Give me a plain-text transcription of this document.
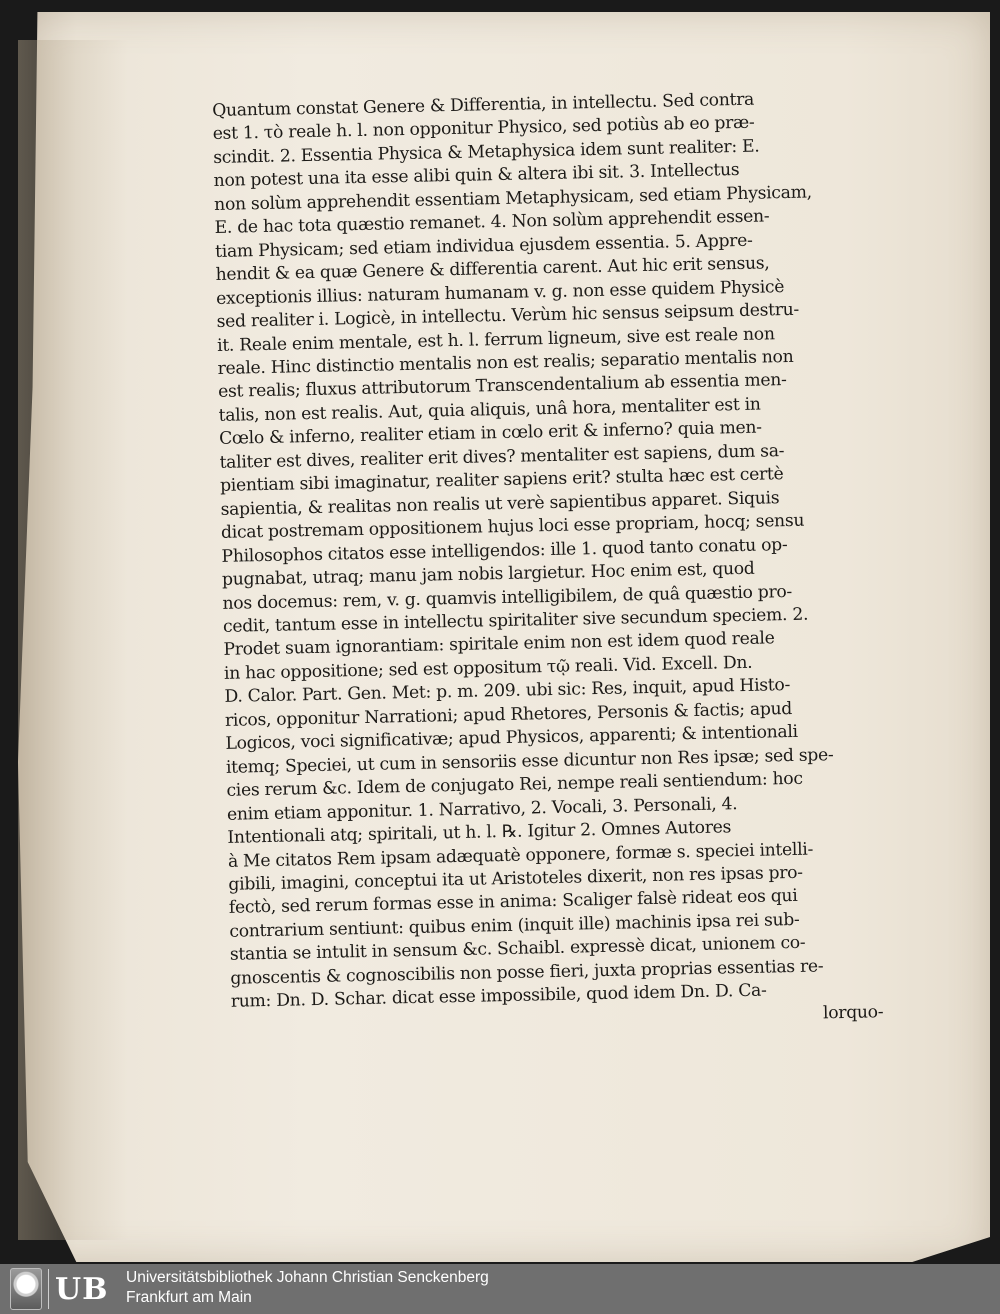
Quantum constat Genere & Differentia, in intellectu. Sed contra
est 1. τὸ reale h. l. non opponitur Physico, sed potiùs ab eo præ-
scindit. 2. Essentia Physica & Metaphysica idem sunt realiter: E.
non potest una ita esse alibi quin & altera ibi sit. 3. Intellectus
non solùm apprehendit essentiam Metaphysicam, sed etiam Physicam,
E. de hac tota quæstio remanet. 4. Non solùm apprehendit essen-
tiam Physicam; sed etiam individua ejusdem essentia. 5. Appre-
hendit & ea quæ Genere & differentia carent. Aut hic erit sensus,
exceptionis illius: naturam humanam v. g. non esse quidem Physicè
sed realiter i. Logicè, in intellectu. Verùm hic sensus seipsum destru-
it. Reale enim mentale, est h. l. ferrum ligneum, sive est reale non
reale. Hinc distinctio mentalis non est realis; separatio mentalis non
est realis; fluxus attributorum Transcendentalium ab essentia men-
talis, non est realis. Aut, quia aliquis, unâ hora, mentaliter est in
Cœlo & inferno, realiter etiam in cœlo erit & inferno? quia men-
taliter est dives, realiter erit dives? mentaliter est sapiens, dum sa-
pientiam sibi imaginatur, realiter sapiens erit? stulta hæc est certè
sapientia, & realitas non realis ut verè sapientibus apparet. Siquis
dicat postremam oppositionem hujus loci esse propriam, hocq; sensu
Philosophos citatos esse intelligendos: ille 1. quod tanto conatu op-
pugnabat, utraq; manu jam nobis largietur. Hoc enim est, quod
nos docemus: rem, v. g. quamvis intelligibilem, de quâ quæstio pro-
cedit, tantum esse in intellectu spiritaliter sive secundum speciem. 2.
Prodet suam ignorantiam: spiritale enim non est idem quod reale
in hac oppositione; sed est oppositum τῷ reali. Vid. Excell. Dn.
D. Calor. Part. Gen. Met: p. m. 209. ubi sic: Res, inquit, apud Histo-
ricos, opponitur Narrationi; apud Rhetores, Personis & factis; apud
Logicos, voci significativæ; apud Physicos, apparenti; & intentionali
itemq; Speciei, ut cum in sensoriis esse dicuntur non Res ipsæ; sed spe-
cies rerum &c. Idem de conjugato Rei, nempe reali sentiendum: hoc
enim etiam apponitur. 1. Narrativo, 2. Vocali, 3. Personali, 4.
Intentionali atq; spiritali, ut h. l. ℞. Igitur 2. Omnes Autores
à Me citatos Rem ipsam adæquatè opponere, formæ s. speciei intelli-
gibili, imagini, conceptui ita ut Aristoteles dixerit, non res ipsas pro-
fectò, sed rerum formas esse in anima: Scaliger falsè rideat eos qui
contrarium sentiunt: quibus enim (inquit ille) machinis ipsa rei sub-
stantia se intulit in sensum &c. Schaibl. expressè dicat, unionem co-
gnoscentis & cognoscibilis non posse fieri, juxta proprias essentias re-
rum: Dn. D. Schar. dicat esse impossibile, quod idem Dn. D. Ca-
lorquo-
UB Universitätsbibliothek Johann Christian Senckenberg
Frankfurt am Main
